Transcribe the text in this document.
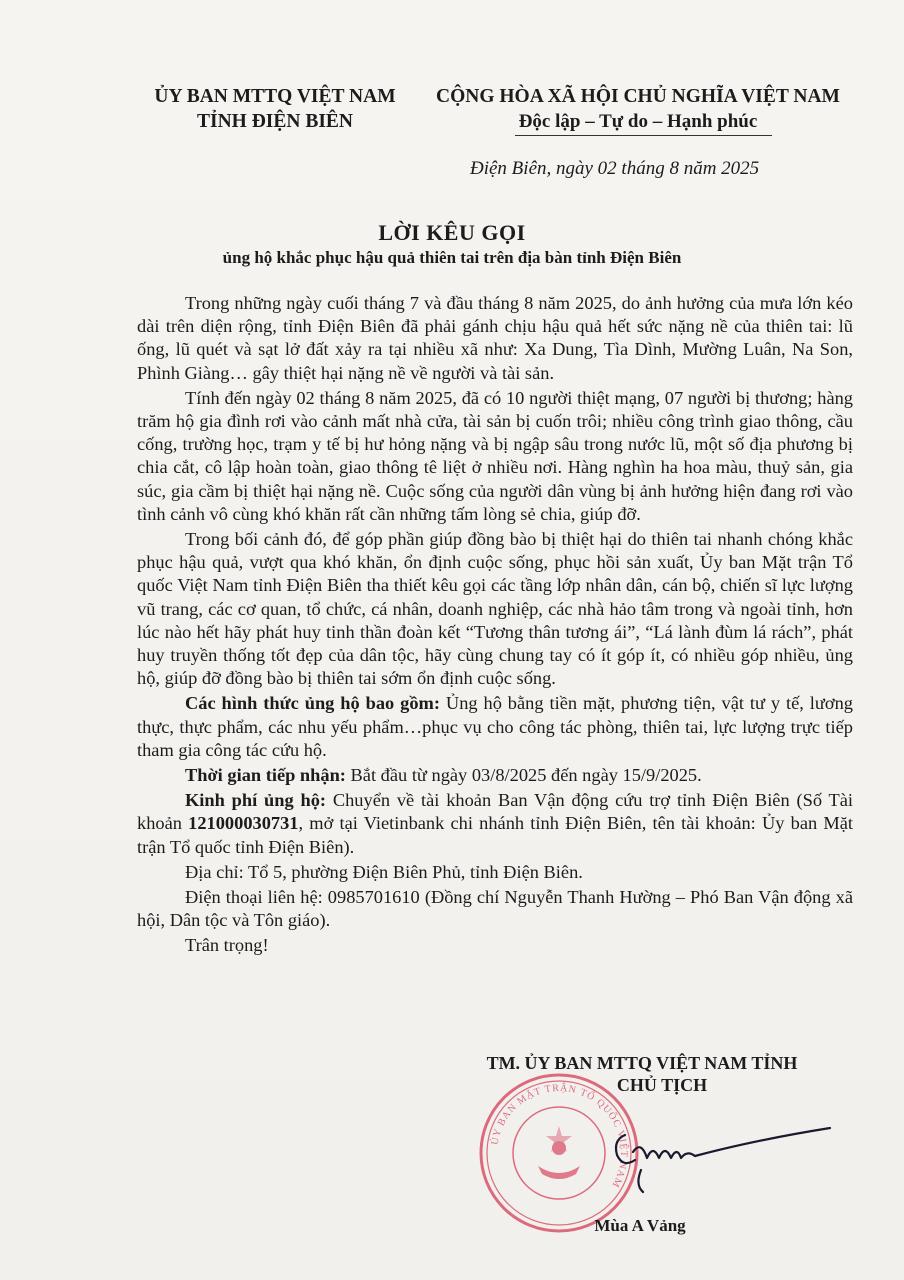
ỦY BAN MTTQ VIỆT NAM
TỈNH ĐIỆN BIÊN
CỘNG HÒA XÃ HỘI CHỦ NGHĨA VIỆT NAM
Độc lập – Tự do – Hạnh phúc
Điện Biên, ngày 02 tháng 8 năm 2025
LỜI KÊU GỌI
ủng hộ khắc phục hậu quả thiên tai trên địa bàn tỉnh Điện Biên

Trong những ngày cuối tháng 7 và đầu tháng 8 năm 2025, do ảnh hưởng của mưa lớn kéo dài trên diện rộng, tỉnh Điện Biên đã phải gánh chịu hậu quả hết sức nặng nề của thiên tai: lũ ống, lũ quét và sạt lở đất xảy ra tại nhiều xã như: Xa Dung, Tìa Dình, Mường Luân, Na Son, Phình Giàng… gây thiệt hại nặng nề về người và tài sản.

Tính đến ngày 02 tháng 8 năm 2025, đã có 10 người thiệt mạng, 07 người bị thương; hàng trăm hộ gia đình rơi vào cảnh mất nhà cửa, tài sản bị cuốn trôi; nhiều công trình giao thông, cầu cống, trường học, trạm y tế bị hư hỏng nặng và bị ngập sâu trong nước lũ, một số địa phương bị chia cắt, cô lập hoàn toàn, giao thông tê liệt ở nhiều nơi. Hàng nghìn ha hoa màu, thuỷ sản, gia súc, gia cầm bị thiệt hại nặng nề. Cuộc sống của người dân vùng bị ảnh hưởng hiện đang rơi vào tình cảnh vô cùng khó khăn rất cần những tấm lòng sẻ chia, giúp đỡ.

Trong bối cảnh đó, để góp phần giúp đồng bào bị thiệt hại do thiên tai nhanh chóng khắc phục hậu quả, vượt qua khó khăn, ổn định cuộc sống, phục hồi sản xuất, Ủy ban Mặt trận Tổ quốc Việt Nam tỉnh Điện Biên tha thiết kêu gọi các tầng lớp nhân dân, cán bộ, chiến sĩ lực lượng vũ trang, các cơ quan, tổ chức, cá nhân, doanh nghiệp, các nhà hảo tâm trong và ngoài tỉnh, hơn lúc nào hết hãy phát huy tinh thần đoàn kết “Tương thân tương ái”, “Lá lành đùm lá rách”, phát huy truyền thống tốt đẹp của dân tộc, hãy cùng chung tay có ít góp ít, có nhiều góp nhiều, ủng hộ, giúp đỡ đồng bào bị thiên tai sớm ổn định cuộc sống.

Các hình thức ủng hộ bao gồm: Ủng hộ bằng tiền mặt, phương tiện, vật tư y tế, lương thực, thực phẩm, các nhu yếu phẩm…phục vụ cho công tác phòng, thiên tai, lực lượng trực tiếp tham gia công tác cứu hộ.

Thời gian tiếp nhận: Bắt đầu từ ngày 03/8/2025 đến ngày 15/9/2025.

Kinh phí ủng hộ: Chuyển về tài khoản Ban Vận động cứu trợ tỉnh Điện Biên (Số Tài khoản 121000030731, mở tại Vietinbank chi nhánh tỉnh Điện Biên, tên tài khoản: Ủy ban Mặt trận Tổ quốc tỉnh Điện Biên).

Địa chỉ: Tổ 5, phường Điện Biên Phủ, tỉnh Điện Biên.

Điện thoại liên hệ: 0985701610 (Đồng chí Nguyễn Thanh Hường – Phó Ban Vận động xã hội, Dân tộc và Tôn giáo).

Trân trọng!

ỦY BAN MẶT TRẬN TỔ QUỐC VIỆT NAM
TM. ỦY BAN MTTQ VIỆT NAM TỈNH
CHỦ TỊCH
Mùa A Vảng
